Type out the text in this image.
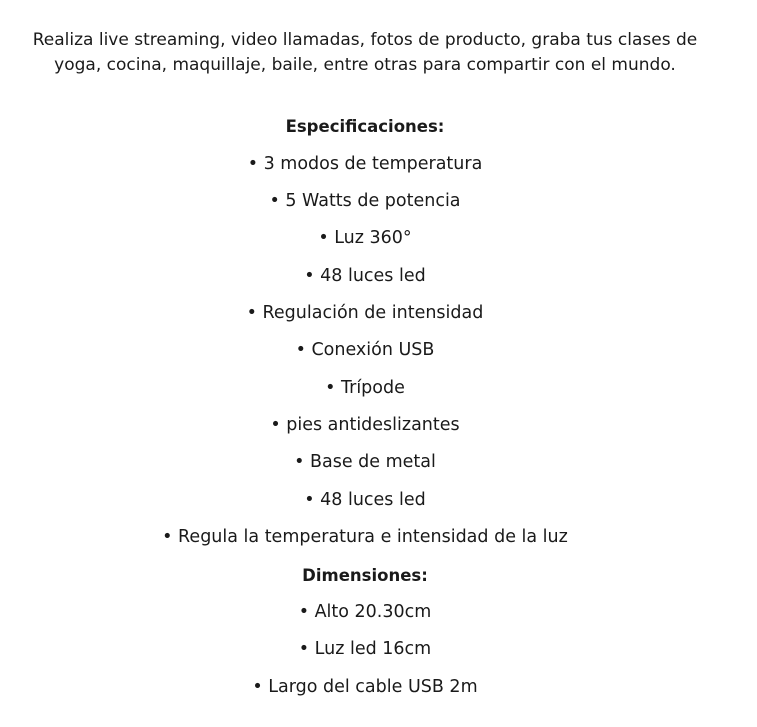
Realiza live streaming, video llamadas, fotos de producto, graba tus clases de yoga, cocina, maquillaje, baile, entre otras para compartir con el mundo.
Especificaciones:
• 3 modos de temperatura
• 5 Watts de potencia
• Luz 360°
• 48 luces led
• Regulación de intensidad
• Conexión USB
• Trípode
• pies antideslizantes
• Base de metal
• 48 luces led
• Regula la temperatura e intensidad de la luz
Dimensiones:
• Alto 20.30cm
• Luz led 16cm
• Largo del cable USB 2m
